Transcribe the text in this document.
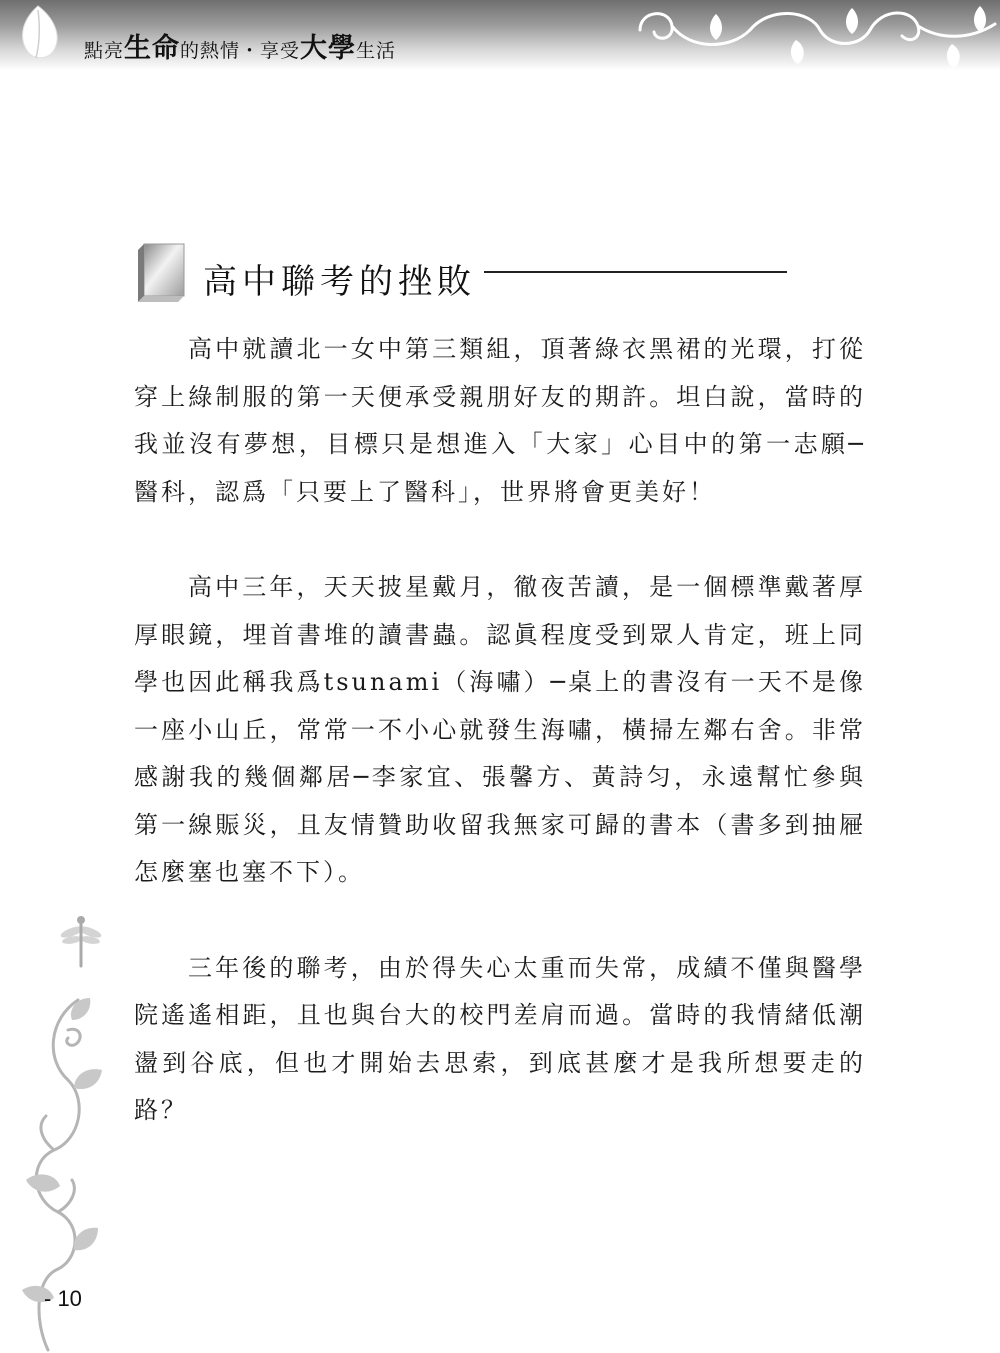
點亮 生命 的熱情・享受 大學 生活
高中聯考的挫敗

高中就讀北一女中第三類組，頂著綠衣黑裙的光環，打從穿上綠制服的第一天便承受親朋好友的期許。坦白說，當時的我並沒有夢想，目標只是想進入「大家」心目中的第一志願─醫科，認爲「只要上了醫科」，世界將會更美好！

高中三年，天天披星戴月，徹夜苦讀，是一個標準戴著厚厚眼鏡，埋首書堆的讀書蟲。認眞程度受到眾人肯定，班上同學也因此稱我爲tsunami（海嘯）─桌上的書沒有一天不是像一座小山丘，常常一不小心就發生海嘯，橫掃左鄰右舍。非常感謝我的幾個鄰居─李家宜、張馨方、黃詩匀，永遠幫忙參與第一線賑災，且友情贊助收留我無家可歸的書本（書多到抽屜怎麼塞也塞不下）。

三年後的聯考，由於得失心太重而失常，成績不僅與醫學院遙遙相距，且也與台大的校門差肩而過。當時的我情緒低潮盪到谷底，但也才開始去思索，到底甚麼才是我所想要走的路？

- 10
